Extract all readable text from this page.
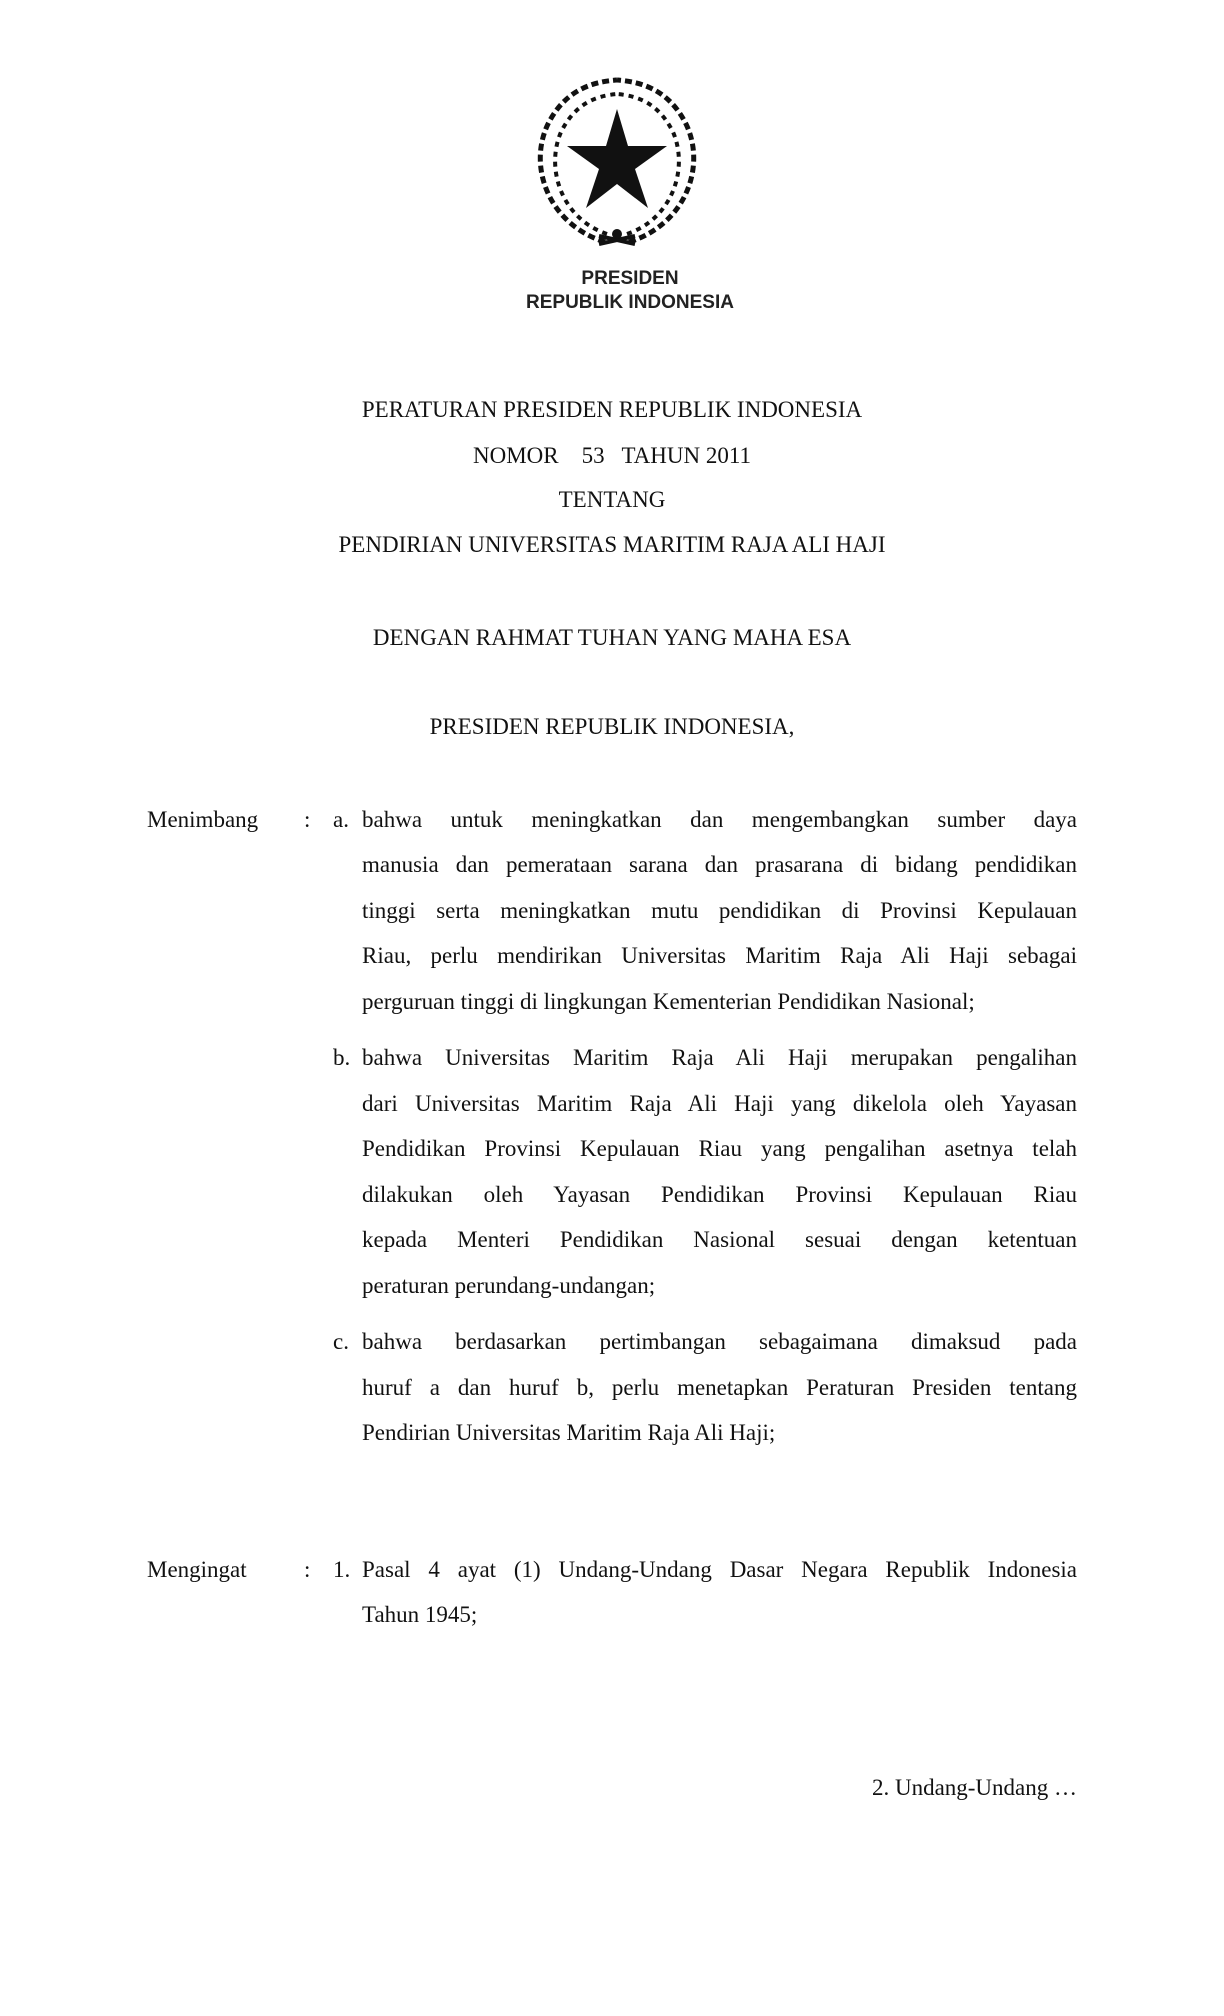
PRESIDEN
REPUBLIK INDONESIA
PERATURAN PRESIDEN REPUBLIK INDONESIA
NOMOR    53   TAHUN 2011
TENTANG
PENDIRIAN UNIVERSITAS MARITIM RAJA ALI HAJI
DENGAN RAHMAT TUHAN YANG MAHA ESA
PRESIDEN REPUBLIK INDONESIA,
Menimbang : a. bahwa untuk meningkatkan dan mengembangkan sumber daya
manusia dan pemerataan sarana dan prasarana di bidang pendidikan
tinggi serta meningkatkan mutu pendidikan di Provinsi Kepulauan
Riau, perlu mendirikan Universitas Maritim Raja Ali Haji sebagai
perguruan tinggi di lingkungan Kementerian Pendidikan Nasional;
b. bahwa Universitas Maritim Raja Ali Haji merupakan pengalihan
dari Universitas Maritim Raja Ali Haji yang dikelola oleh Yayasan
Pendidikan Provinsi Kepulauan Riau yang pengalihan asetnya telah
dilakukan oleh Yayasan Pendidikan Provinsi Kepulauan Riau
kepada Menteri Pendidikan Nasional sesuai dengan ketentuan
peraturan perundang-undangan;
c. bahwa berdasarkan pertimbangan sebagaimana dimaksud pada
huruf a dan huruf b, perlu menetapkan Peraturan Presiden tentang
Pendirian Universitas Maritim Raja Ali Haji;
Mengingat : 1. Pasal 4 ayat (1) Undang-Undang Dasar Negara Republik Indonesia
Tahun 1945;
2. Undang-Undang …
